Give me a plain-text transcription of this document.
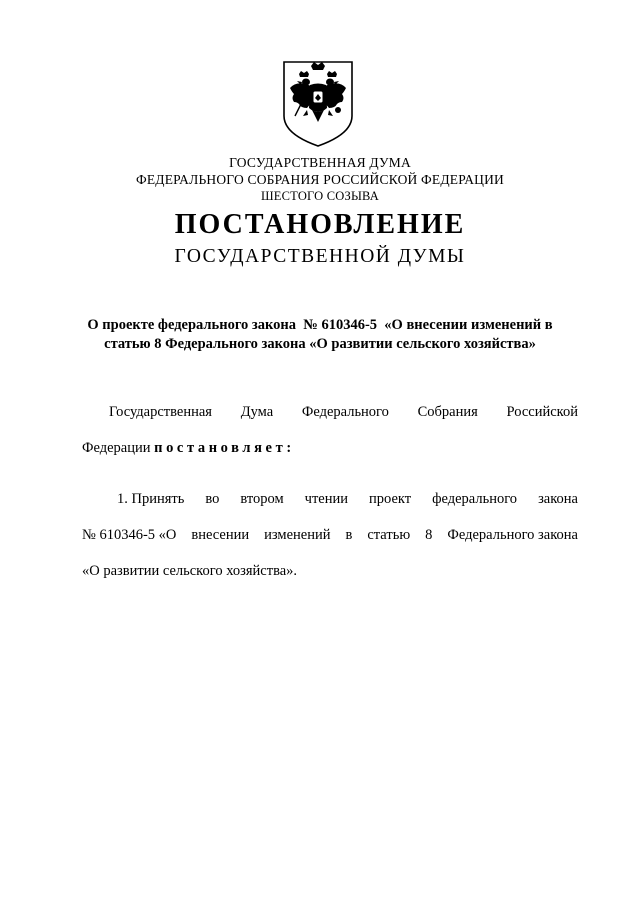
ГОСУДАРСТВЕННАЯ ДУМА
ФЕДЕРАЛЬНОГО СОБРАНИЯ РОССИЙСКОЙ ФЕДЕРАЦИИ
ШЕСТОГО СОЗЫВА
ПОСТАНОВЛЕНИЕ
ГОСУДАРСТВЕННОЙ ДУМЫ
О проекте федерального закона  № 610346-5  «О внесении изменений в
статью 8 Федерального закона «О развитии сельского хозяйства»
Государственная Дума Федерального Собрания Российской
Федерации постановляет:
1. Принять во втором чтении проект федерального закона
№ 610346-5 «О внесении изменений в статью 8 Федерального закона
«О развитии сельского хозяйства».
